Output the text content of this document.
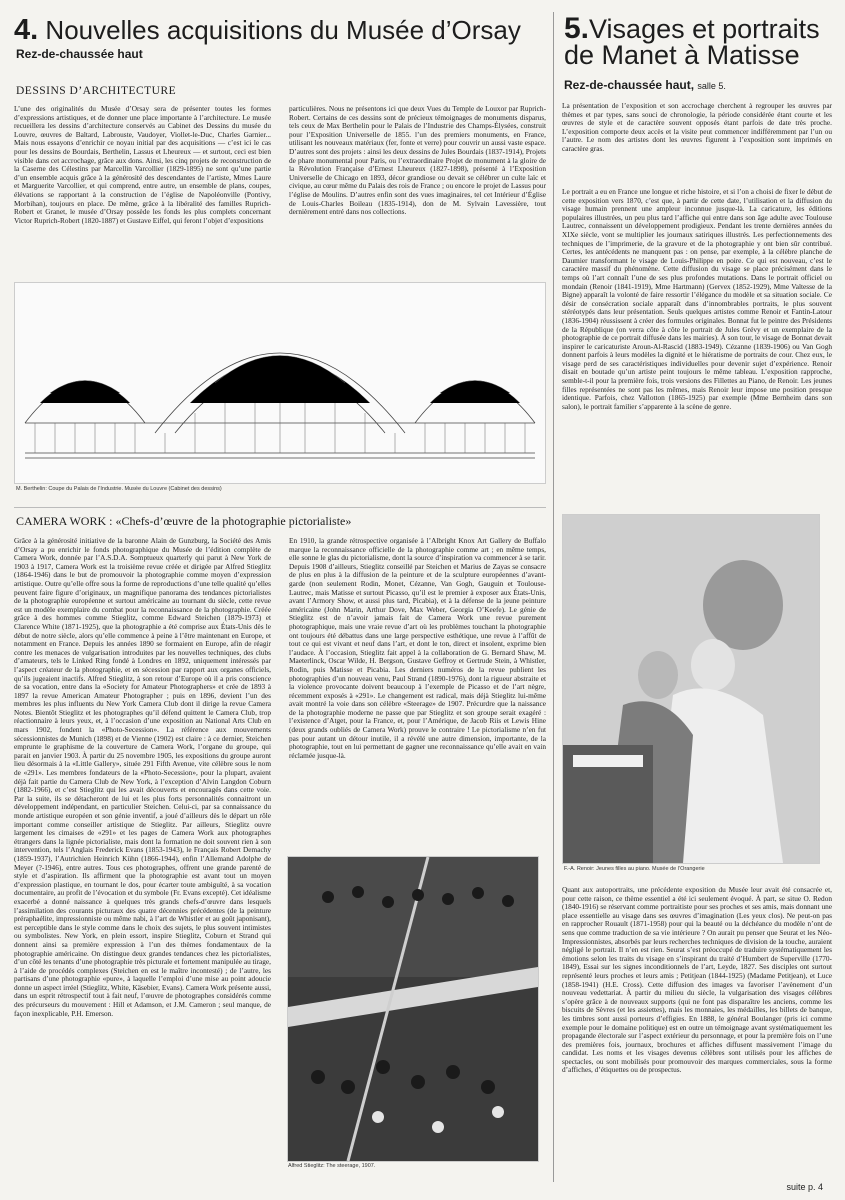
4. Nouvelles acquisitions du Musée d’Orsay
Rez-de-chaussée haut
DESSINS D’ARCHITECTURE

L’une des originalités du Musée d’Orsay sera de présenter toutes les formes d’expressions artistiques, et de donner une place importante à l’architecture. Le musée recueillera les dessins d’architecture conservés au Cabinet des Dessins du musée du Louvre, œuvres de Baltard, Labrouste, Vaudoyer, Viollet-le-Duc, Charles Garnier... Mais nous essayons d’enrichir ce noyau initial par des acquisitions — c’est ici le cas pour les dessins de Bourdais, Berthelin, Lassus et Lheureux — et surtout, ceci est bien visible dans cet accrochage, grâce aux dons. Ainsi, les cinq projets de reconstruction de la Caserne des Célestins par Marcellin Varcollier (1829-1895) ne sont qu’une partie d’un ensemble acquis grâce à la générosité des descendantes de l’artiste, Mmes Laure et Marguerite Varcollier, et qui comprend, entre autre, un ensemble de plans, coupes, élévations se rapportant à la construction de l’église de Napoléonville (Pontivy, Morbihan), toujours en place. De même, grâce à la libéralité des familles Ruprich-Robert et Granet, le musée d’Orsay possède les fonds les plus complets concernant Victor Ruprich-Robert (1820-1887) et Gustave Eiffel, qui feront l’objet d’expositions

particulières. Nous ne présentons ici que deux Vues du Temple de Louxor par Ruprich-Robert. Certains de ces dessins sont de précieux témoignages de monuments disparus, tels ceux de Max Berthelin pour le Palais de l’Industrie des Champs-Élysées, construit pour l’Exposition Universelle de 1855. l’un des premiers monuments, en France, utilisant les nouveaux matériaux (fer, fonte et verre) pour couvrir un aussi vaste espace. D’autres sont des projets : ainsi les deux dessins de Jules Bourdais (1837-1914), Projets de phare monumental pour Paris, ou l’extraordinaire Projet de monument à la gloire de la Révolution Française d’Ernest Lheureux (1827-1898), présenté à l’Exposition Universelle de Chicago en 1893, décor grandiose ou devait se célébrer un culte laïc et civique, au cœur même du Palais des rois de France ; ou encore le projet de Lassus pour l’église de Moulins. D’autres enfin sont des vues imaginaires, tel cet Intérieur d’Église de Louis-Charles Boileau (1835-1914), don de M. Sylvain Lavessière, tout dernièrement entré dans nos collections.

M. Berthelin: Coupe du Palais de l’Industrie. Musée du Louvre (Cabinet des dessins)
CAMERA WORK : «Chefs-d’œuvre de la photographie pictorialiste»

Grâce à la générosité initiative de la baronne Alain de Gunzburg, la Société des Amis d’Orsay a pu enrichir le fonds photographique du Musée de l’édition complète de Camera Work, donnée par l’A.S.D.A. Somptueux quarterly qui parut à New York de 1903 à 1917, Camera Work est la troisième revue créée et dirigée par Alfred Stieglitz (1864-1946) dans le but de promouvoir la photographie comme moyen d’expression artistique. Outre qu’elle offre sous la forme de reproductions d’une telle qualité qu’elles peuvent faire figure d’originaux, un magnifique panorama des tendances pictorialistes de la photographie européenne et surtout américaine au tournant du siècle, cette revue est un modèle exemplaire du combat pour la reconnaissance de la photographie. Créée grâce à des hommes comme Stieglitz, comme Edward Steichen (1879-1973) et Clarence White (1871-1925), que la photographie a été comprise aux États-Unis dès le début de notre siècle, alors qu’elle commence à peine à l’être maintenant en Europe, et notamment en France. Depuis les années 1890 se formaient en Europe, afin de réagir contre les menaces de vulgarisation introduites par les nouvelles techniques, des clubs d’amateurs, tels le Linked Ring fondé à Londres en 1892, uniquement intéressés par l’aspect créateur de la photographie, et en sécession par rapport aux organes officiels, qu’ils jugeaient inactifs. Alfred Stieglitz, à son retour d’Europe où il a pris conscience de sa vocation, entre dans la «Society for Amateur Photographers» et crée de 1893 à 1897 la revue American Amateur Photographer ; puis en 1896, devient l’un des membres les plus influents du New York Camera Club dont il dirige la revue Camera Notes. Bientôt Stieglitz et les photographes qu’il défend quittent le Camera Club, trop réactionnaire à leurs yeux, et, à l’occasion d’une exposition au National Arts Club en mars 1902, fondent la «Photo-Secession». La référence aux mouvements sécessionnistes de Munich (1898) et de Vienne (1902) est claire : à ce dernier, Steichen emprunte le graphisme de la couverture de Camera Work, l’organe du groupe, qui parait en janvier 1903. À partir du 25 novembre 1905, les expositions du groupe auront lieu désormais à la «Little Gallery», située 291 Fifth Avenue, vite célèbre sous le nom de «291». Les membres fondateurs de la «Photo-Secession», pour la plupart, avaient déjà fait partie du Camera Club de New York, à l’exception d’Alvin Langdon Coburn (1882-1966), et c’est Stieglitz qui les avait découverts et encouragés dans cette voie. Par la suite, ils se détacheront de lui et les plus forts personnalités connaitront un développement indépendant, en particulier Steichen. Celui-ci, par sa connaissance du monde artistique européen et son génie inventif, a joué d’ailleurs dès le départ un rôle important comme conseiller artistique de Stieglitz. Par ailleurs, Stieglitz ouvre largement les cimaises de «291» et les pages de Camera Work aux photographes étrangers dans la lignée pictorialiste, mais dont la formation ne doit souvent rien à son intervention, tels l’Anglais Frederick Evans (1853-1943), le Français Robert Demachy (1859-1937), l’Autrichien Heinrich Kühn (1866-1944), enfin l’Allemand Adolphe de Meyer (?-1946), entre autres. Tous ces photographes, offrent une grande parenté de style et d’aspiration. Ils affirment que la photographie est avant tout un moyen d’expression plastique, en tournant le dos, pour écarter toute ambiguïté, à sa vocation documentaire, au profit de l’évocation et du symbole (Fr. Evans excepté). Cet idéalisme exacerbé a donné naissance à quelques très grands chefs-d’œuvre dans lesquels l’assimilation des courants picturaux des quatre décennies précédentes (de la peinture préraphaélite, impressionniste ou même nabi, à l’art de Whistler et au goût japonisant), est perceptible dans le style comme dans le choix des sujets, le plus souvent intimistes ou symbolistes. New York, en plein essort, inspire Stieglitz, Coburn et Strand qui donnent ainsi sa première expression à l’un des thèmes fondamentaux de la photographie américaine. On distingue deux grandes tendances chez les pictorialistes, d’un côté les tenants d’une photographie très picturale et fortement manipulée au tirage, à l’aide de procédés complexes (Steichen en est le maître incontesté) ; de l’autre, les partisans d’une photographie «pure», à laquelle l’emploi d’une mise au point adoucie donne un aspect irréel (Stieglitz, White, Käsebier, Evans). Camera Work présente aussi, dans un esprit rétrospectif tout à fait neuf, l’œuvre de photographes considérés comme des précurseurs du mouvement : Hill et Adamson, et J.M. Cameron ; seul manque, de façon inexplicable, P.H. Emerson.

En 1910, la grande rétrospective organisée à l’Albright Knox Art Gallery de Buffalo marque la reconnaissance officielle de la photographie comme art ; en même temps, elle sonne le glas du pictorialisme, dont la source d’inspiration va commencer à se tarir. Depuis 1908 d’ailleurs, Stieglitz conseillé par Steichen et Marius de Zayas se consacre de plus en plus à la diffusion de la peinture et de la sculpture européennes d’avant-garde (non seulement Rodin, Monet, Cézanne, Van Gogh, Gauguin et Toulouse-Lautrec, mais Matisse et surtout Picasso, qu’il est le premier à exposer aux États-Unis, avant l’Armory Show, et aussi plus tard, Picabia), et à la défense de la jeune peinture américaine (John Marin, Arthur Dove, Max Weber, Georgia O’Keefe). Le génie de Stieglitz est de n’avoir jamais fait de Camera Work une revue purement photographique, mais une vraie revue d’art où les problèmes touchant la photographie ont toujours été débattus dans une large perspective esthétique, une revue à l’affût de tout ce qui est vivant et neuf dans l’art, et dont le ton, direct et insolent, exprime bien l’audace. À l’occasion, Stieglitz fait appel à la collaboration de G. Bernard Shaw, M. Maeterlinck, Oscar Wilde, H. Bergson, Gustave Geffroy et Gertrude Stein, à Whistler, Rodin, puis Matisse et Picabia. Les derniers numéros de la revue publient les photographies d’un nouveau venu, Paul Strand (1890-1976), dont la rigueur abstraite et la violence provocante doivent beaucoup à l’exemple de Picasso et de l’art nègre, récemment exposés à «291». Le changement est radical, mais déjà Stieglitz lui-même avait montré la voie dans son célèbre «Steerage» de 1907. Précurdre que la naissance de la photographie moderne ne passe que par Stieglitz et son groupe serait exagéré : l’existence d’Atget, pour la France, et, pour l’Amérique, de Jacob Riis et Lewis Hine (deux grands oubliés de Camera Work) prouve le contraire ! Le pictorialisme n’en fut pas pour autant un détour inutile, il a révélé une autre dimension, importante, de la photographie, tout en lui permettant de gagner une reconnaissance qu’elle avait en vain réclamée jusque-là.

Alfred Stieglitz: The steerage, 1907.
5.Visages et portraits
de Manet à Matisse
Rez-de-chaussée haut, salle 5.

La présentation de l’exposition et son accrochage cherchent à regrouper les œuvres par thèmes et par types, sans souci de chronologie, la période considérée étant courte et les œuvres de style et de caractère souvent opposés étant parfois de date très proche. L’exposition comporte deux accès et la visite peut commencer indifféremment par l’un ou l’autre. Le nom des artistes dont les œuvres figurent à l’exposition sont imprimés en caractère gras.

Le portrait a eu en France une longue et riche histoire, et si l’on a choisi de fixer le début de cette exposition vers 1870, c’est que, à partir de cette date, l’utilisation et la diffusion du visage humain prennent une ampleur inconnue jusque-là. La caricature, les éditions populaires illustrées, un peu plus tard l’affiche qui entre dans son âge adulte avec Toulouse Lautrec, connaissent un développement prodigieux. Pendant les trente dernières années du XIXe siècle, vont se multiplier les journaux satiriques illustrés. Les perfectionnements des techniques de l’imprimerie, de la gravure et de la photographie y ont bien sûr contribué. Certes, les antécédents ne manquent pas : on pense, par exemple, à la célèbre planche de Daumier transformant le visage de Louis-Philippe en poire. Ce qui est nouveau, c’est le caractère massif du phénomène. Cette diffusion du visage se place précisément dans le temps où l’art connaît l’une de ses plus profondes mutations. Dans le portrait officiel ou mondain (Renoir (1841-1919), Mme Hartmann) (Gervex (1852-1929), Mme Valtesse de la Bigne) apparaît la volonté de faire ressortir l’élégance du modèle et sa situation sociale. Ce désir de consécration sociale apparaît dans d’innombrables portraits, le plus souvent stéréotypés dans leur présentation. Seuls quelques artistes comme Renoir et Fantin-Latour (1836-1904) réussissent à créer des formules originales. Bonnat fut le peintre des Présidents de la République (on verra côte à côte le portrait de Jules Grévy et un exemplaire de la photographie de ce portrait diffusée dans les mairies). À son tour, le visage de Bonnat devait inspirer le caricaturiste Aroun-Al-Rascid (1883-1949). Cézanne (1839-1906) ou Van Gogh donnent parfois à leurs modèles la dignité et le hiératisme de portraits de cour. Chez eux, le visage perd de ses caractéristiques individuelles pour devenir sujet d’expérience. Renoir disait en boutade qu’un artiste peint toujours le même tableau. L’exposition rapproche, semble-t-il pour la première fois, trois versions des Fillettes au Piano, de Renoir. Les jeunes filles représentées ne sont pas les mêmes, mais Renoir leur impose une position presque identique. Parfois, chez Vallotton (1865-1925) par exemple (Mme Bernheim dans son salon), le portrait familier s’apparente à la scène de genre.

F.-A. Renoir: Jeunes filles au piano. Musée de l’Orangerie

Quant aux autoportraits, une précédente exposition du Musée leur avait été consacrée et, pour cette raison, ce thème essentiel a été ici seulement évoqué. À part, se situe O. Redon (1840-1916) se réservant comme portraitiste pour ses proches et ses amis, mais donnant une place essentielle au visage dans ses œuvres d’imagination (Les yeux clos). Ne peut-on pas en rapprocher Rouault (1871-1958) pour qui la beauté ou la déchéance du modèle n’ont de sens que comme traduction de sa vie intérieure ? On aurait pu penser que Seurat et les Néo-Impressionnistes, absorbés par leurs recherches techniques de division de la touche, auraient négligé le portrait. Il n’en est rien. Seurat s’est préoccupé de traduire systématiquement les émotions selon les traits du visage en s’inspirant du traité d’Humbert de Superville (1770-1849), Essai sur les signes inconditionnels de l’art, Leyde, 1827. Ses disciples ont surtout représenté leurs proches et leurs amis ; Petitjean (1844-1925) (Madame Petitjean), et Luce (1858-1941) (H.E. Cross). Cette diffusion des images va favoriser l’avènement d’un nouveau vedettariat. À partir du milieu du siècle, la vulgarisation des visages célèbres s’opère grâce à de nouveaux supports (qui ne font pas disparaître les anciens, comme les biscuits de Sèvres (et les assiettes), mais les monnaies, les médailles, les billets de banque, les timbres sont aussi porteurs d’effigies. En 1888, le général Boulanger (pris ici comme exemple pour le domaine politique) est en outre un témoignage avant systématiquement les propagande électorale sur l’aspect extérieur du personnage, et pour la première fois on l’une des premières fois, journaux, brochures et affiches diffusent massivement l’image du candidat. Les noms et les visages devenus célèbres sont utilisés pour les affiches de spectacles, ou sont mobilisés pour promouvoir des marques commerciales, sous la forme d’affiches, d’étiquettes ou de prospectus.

suite p. 4
